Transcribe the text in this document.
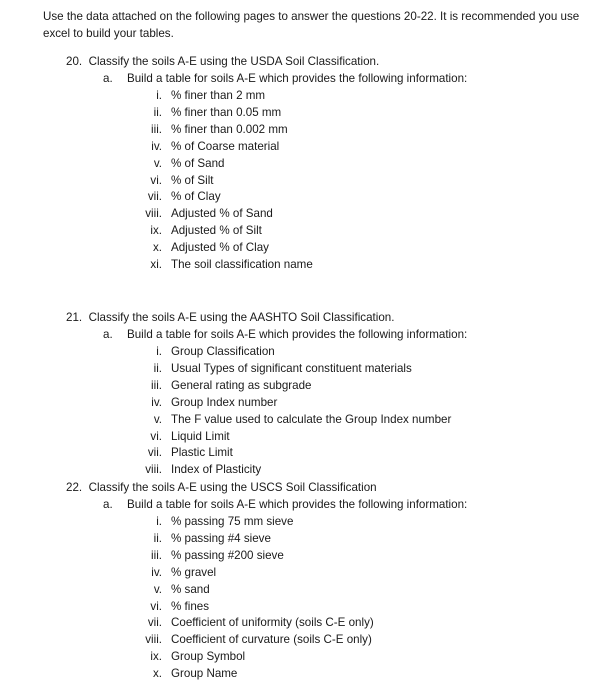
Use the data attached on the following pages to answer the questions 20-22. It is recommended you use excel to build your tables.
20. Classify the soils A-E using the USDA Soil Classification.
a. Build a table for soils A-E which provides the following information:
i. % finer than 2 mm
ii. % finer than 0.05 mm
iii. % finer than 0.002 mm
iv. % of Coarse material
v. % of Sand
vi. % of Silt
vii. % of Clay
viii. Adjusted % of Sand
ix. Adjusted % of Silt
x. Adjusted % of Clay
xi. The soil classification name
21. Classify the soils A-E using the AASHTO Soil Classification.
a. Build a table for soils A-E which provides the following information:
i. Group Classification
ii. Usual Types of significant constituent materials
iii. General rating as subgrade
iv. Group Index number
v. The F value used to calculate the Group Index number
vi. Liquid Limit
vii. Plastic Limit
viii. Index of Plasticity
22. Classify the soils A-E using the USCS Soil Classification
a. Build a table for soils A-E which provides the following information:
i. % passing 75 mm sieve
ii. % passing #4 sieve
iii. % passing #200 sieve
iv. % gravel
v. % sand
vi. % fines
vii. Coefficient of uniformity (soils C-E only)
viii. Coefficient of curvature (soils C-E only)
ix. Group Symbol
x. Group Name
